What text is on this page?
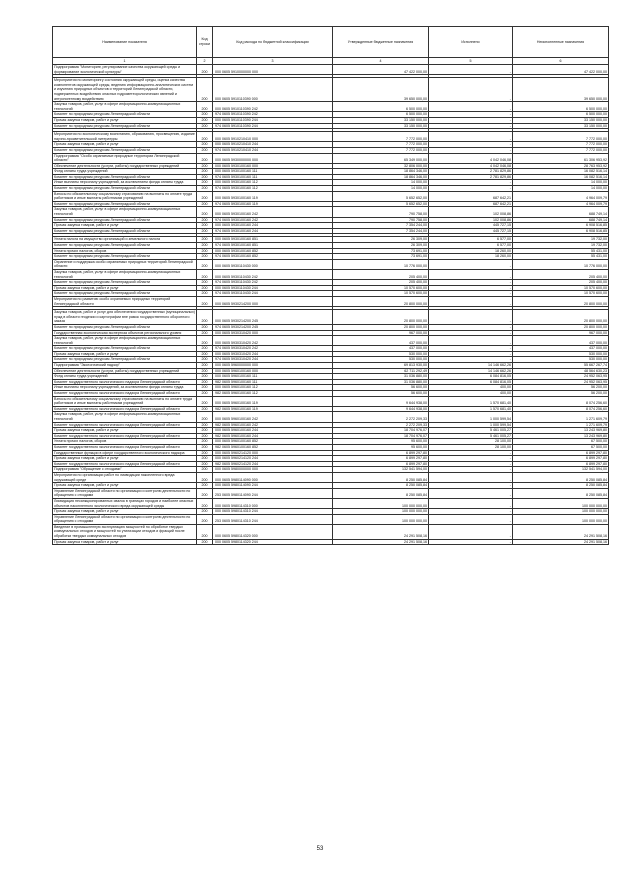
Наименование показателя	Код строки	Код расхода по бюджетной классификации	Утвержденные бюджетные назначения	Исполнено	Неисполненные назначения
1	2	3	4	5	6
Подпрограмма "Мониторинг, регулирование качества окружающей среды и формирование экологической культуры"	200	000 0605 5910000000 000	47 422 000,00	-	47 422 000,00

Мероприятия по мониторингу состояния окружающей среды, оценка качества компонентов окружающей среды, ведению информационно-аналитических систем и изучению природных объектов и территорий Ленинградской области, подверженных воздействию опасных гидрометеорологических явлений и антропогенному воздействию	200	000 0605 5910110390 000	39 650 000,00	-	39 650 000,00
Закупка товаров, работ, услуг в сфере информационно-коммуникационных технологий	200	000 0605 5910110390 242	6 500 000,00	-	6 500 000,00
Комитет по природным ресурсам Ленинградской области	200	974 0605 5910110390 242	6 500 000,00	-	6 500 000,00
Прочая закупка товаров, работ и услуг	200	000 0605 5910110390 244	33 150 000,00	-	33 150 000,00
Комитет по природным ресурсам Ленинградской области	200	974 0605 5910110390 244	33 150 000,00	-	33 150 000,00

Мероприятия по экологическому воспитанию, образованию, просвещению, издание научно-просветительской литературы	200	000 0605 5910210410 000	7 772 000,00	-	7 772 000,00
Прочая закупка товаров, работ и услуг	200	000 0605 5910210410 244	7 772 000,00	-	7 772 000,00
Комитет по природным ресурсам Ленинградской области	200	974 0605 5910210410 244	7 772 000,00	-	7 772 000,00
Подпрограмма "Особо охраняемые природные территории Ленинградской области"	200	000 0605 5930000000 000	65 349 000,00	4 042 046,08	61 306 953,92
Обеспечение деятельности (услуги, работы) государственных учреждений	200	000 0605 5930100160 000	32 806 000,00	4 042 046,08	28 763 953,92
Фонд оплаты труда учреждений	200	000 0605 5930100160 111	18 864 346,00	2 781 829,86	16 082 516,14
Комитет по природным ресурсам Ленинградской области	200	974 0605 5930100160 111	18 864 346,00	2 781 829,86	16 082 516,14
Иные выплаты персоналу учреждений, за исключением фонда оплаты труда	200	000 0605 5930100160 112	14 000,00	-	14 000,00
Комитет по природным ресурсам Ленинградской области	200	974 0605 5930100160 112	14 000,00	-	14 000,00
Взносы по обязательному социальному страхованию на выплаты по оплате труда работников и иные выплаты работникам учреждений	200	000 0605 5930100160 119	5 652 652,00	687 642,21	4 964 009,79
Комитет по природным ресурсам Ленинградской области	200	974 0605 5930100160 119	5 652 652,00	687 642,21	4 964 009,79
Закупка товаров, работ, услуг в сфере информационно-коммуникационных технологий	200	000 0605 5930100160 242	790 758,00	102 008,86	688 749,14
Комитет по природным ресурсам Ленинградской области	200	974 0605 5930100160 242	790 758,00	102 008,86	688 749,14
Прочая закупка товаров, работ и услуг	200	000 0605 5930100160 244	7 354 244,00	445 727,15	6 908 516,85
Комитет по природным ресурсам Ленинградской области	200	974 0605 5930100160 244	7 354 244,00	445 727,15	6 908 516,85

Уплата налога на имущество организаций и земельного налога	200	000 0605 5930100160 851	26 309,00	6 577,00	19 732,00
Комитет по природным ресурсам Ленинградской области	200	974 0605 5930100160 851	26 309,00	6 577,00	19 732,00
Уплата прочих налогов, сборов	200	000 0605 5930100160 852	73 691,00	18 260,00	55 431,00
Комитет по природным ресурсам Ленинградской области	200	974 0605 5930100160 852	73 691,00	18 260,00	55 431,00
Охранение и поддержка особо охраняемых природных территорий Ленинградской области	200	000 0605 5930110430 000	10 776 000,00	-	10 776 000,00
Закупка товаров, работ, услуг в сфере информационно-коммуникационных технологий	200	000 0605 5930110430 242	205 400,00	-	205 400,00
Комитет по природным ресурсам Ленинградской области	200	974 0605 5930110430 242	205 400,00	-	205 400,00
Прочая закупка товаров, работ и услуг	200	000 0605 5930110430 244	10 570 600,00	-	10 570 600,00
Комитет по природным ресурсам Ленинградской области	200	974 0605 5930110430 244	10 570 600,00	-	10 570 600,00
Мероприятия по развитию особо охраняемых природных территорий Ленинградской области	200	000 0605 5930214200 000	20 800 000,00	-	20 800 000,00

Закупка товаров, работ и услуг для обеспечения государственных (муниципальных) нужд в области геодезии и картографии вне рамок государственного оборонного заказа	200	000 0605 5930214200 245	20 800 000,00	-	20 800 000,00
Комитет по природным ресурсам Ленинградской области	200	974 0605 5930214200 245	20 800 000,00	-	20 800 000,00
Государственная экологическая экспертиза объектов регионального уровня	200	000 0605 5930310420 000	967 000,00	-	967 000,00
Закупка товаров, работ, услуг в сфере информационно-коммуникационных технологий	200	000 0605 5930310420 242	437 000,00	-	437 000,00
Комитет по природным ресурсам Ленинградской области	200	974 0605 5930310420 242	437 000,00	-	437 000,00
Прочая закупка товаров, работ и услуг	200	000 0605 5930310420 244	530 000,00	-	530 000,00
Комитет по природным ресурсам Ленинградской области	200	974 0605 5930310420 244	530 000,00	-	530 000,00
Подпрограмма "Экологический надзор"	200	000 0605 5960000000 000	69 813 930,00	14 146 662,26	55 667 267,74
Обеспечение деятельности (услуги, работы) государственных учреждений	200	000 0605 5960100160 000	62 711 292,49	14 146 662,26	48 564 630,23
Фонд оплаты труда учреждений	200	000 0605 5960100160 111	31 036 880,00	6 084 816,05	24 952 063,95
Комитет государственного экологического надзора Ленинградской области	200	982 0605 5960100160 111	31 036 880,00	6 084 816,05	24 952 063,95
Иные выплаты персоналу учреждений, за исключением фонда оплаты труда	200	000 0605 5960100160 112	56 600,00	400,00	56 200,00
Комитет государственного экологического надзора Ленинградской области	200	982 0605 5960100160 112	56 600,00	400,00	56 200,00
Взносы по обязательному социальному страхованию на выплаты по оплате труда работников и иные выплаты работникам учреждений	200	000 0605 5960100160 119	9 644 938,00	1 570 681,40	8 074 256,60
Комитет государственного экологического надзора Ленинградской области	200	982 0605 5960100160 119	9 644 938,00	1 570 681,40	8 074 256,60
Закупка товаров, работ, услуг в сфере информационно-коммуникационных технологий	200	000 0605 5960100160 242	2 272 209,33	1 000 599,54	1 271 609,79
Комитет государственного экологического надзора Ленинградской области	200	982 0605 5960100160 242	2 272 209,33	1 000 599,54	1 271 609,79
Прочая закупка товаров, работ и услуг	200	000 0605 5960100160 244	18 704 976,07	5 461 005,27	13 243 969,80
Комитет государственного экологического надзора Ленинградской области	200	982 0605 5960100160 244	18 704 976,07	5 461 005,27	13 243 969,80
Уплата прочих налогов, сборов	200	000 0605 5960100160 852	95 600,00	28 100,00	67 500,00
Комитет государственного экологического надзора Ленинградской области	200	982 0605 5960100160 852	95 600,00	28 100,00	67 500,00
Государственные функции в сфере государственного экологического надзора	200	000 0605 5960214120 000	6 899 297,80	-	6 899 297,80
Прочая закупка товаров, работ и услуг	200	000 0605 5960214120 244	6 899 297,80	-	6 899 297,80
Комитет государственного экологического надзора Ленинградской области	200	982 0605 5960214120 244	6 899 297,80	-	6 899 297,80
Подпрограмма "Обращение с отходами"	200	000 0605 5980000000 000	132 541 594,00	-	132 541 594,00
Мероприятия по организации работ по ликвидации накопленного вреда окружающей среде	200	000 0605 5980114090 000	8 250 085,84	-	8 250 085,84
Прочая закупка товаров, работ и услуг	200	000 0605 5980114090 244	8 250 085,84	-	8 250 085,84
Управление Ленинградской области по организации и контролю деятельности по обращению с отходами	200	253 0605 5980114090 244	8 250 085,84	-	8 250 085,84
Ликвидация несанкционированных свалок в границах городов и наиболее опасных объектов накопленного экологического вреда окружающей среды	200	000 0605 5980114310 000	100 000 000,00	-	100 000 000,00
Прочая закупка товаров, работ и услуг	200	000 0605 5980114310 244	100 000 000,00	-	100 000 000,00
Управление Ленинградской области по организации и контролю деятельности по обращению с отходами	200	253 0605 5980114310 244	100 000 000,00	-	100 000 000,00
Введение в промышленную эксплуатацию мощностей по обработке твердых коммунальных отходов и мощностей по утилизации отходов и фракций после обработки твердых коммунальных отходов	200	000 0605 5980114320 000	24 291 508,16	-	24 291 508,16
Прочая закупка товаров, работ и услуг	200	000 0605 5980114320 244	24 291 508,16	-	24 291 508,16
53
